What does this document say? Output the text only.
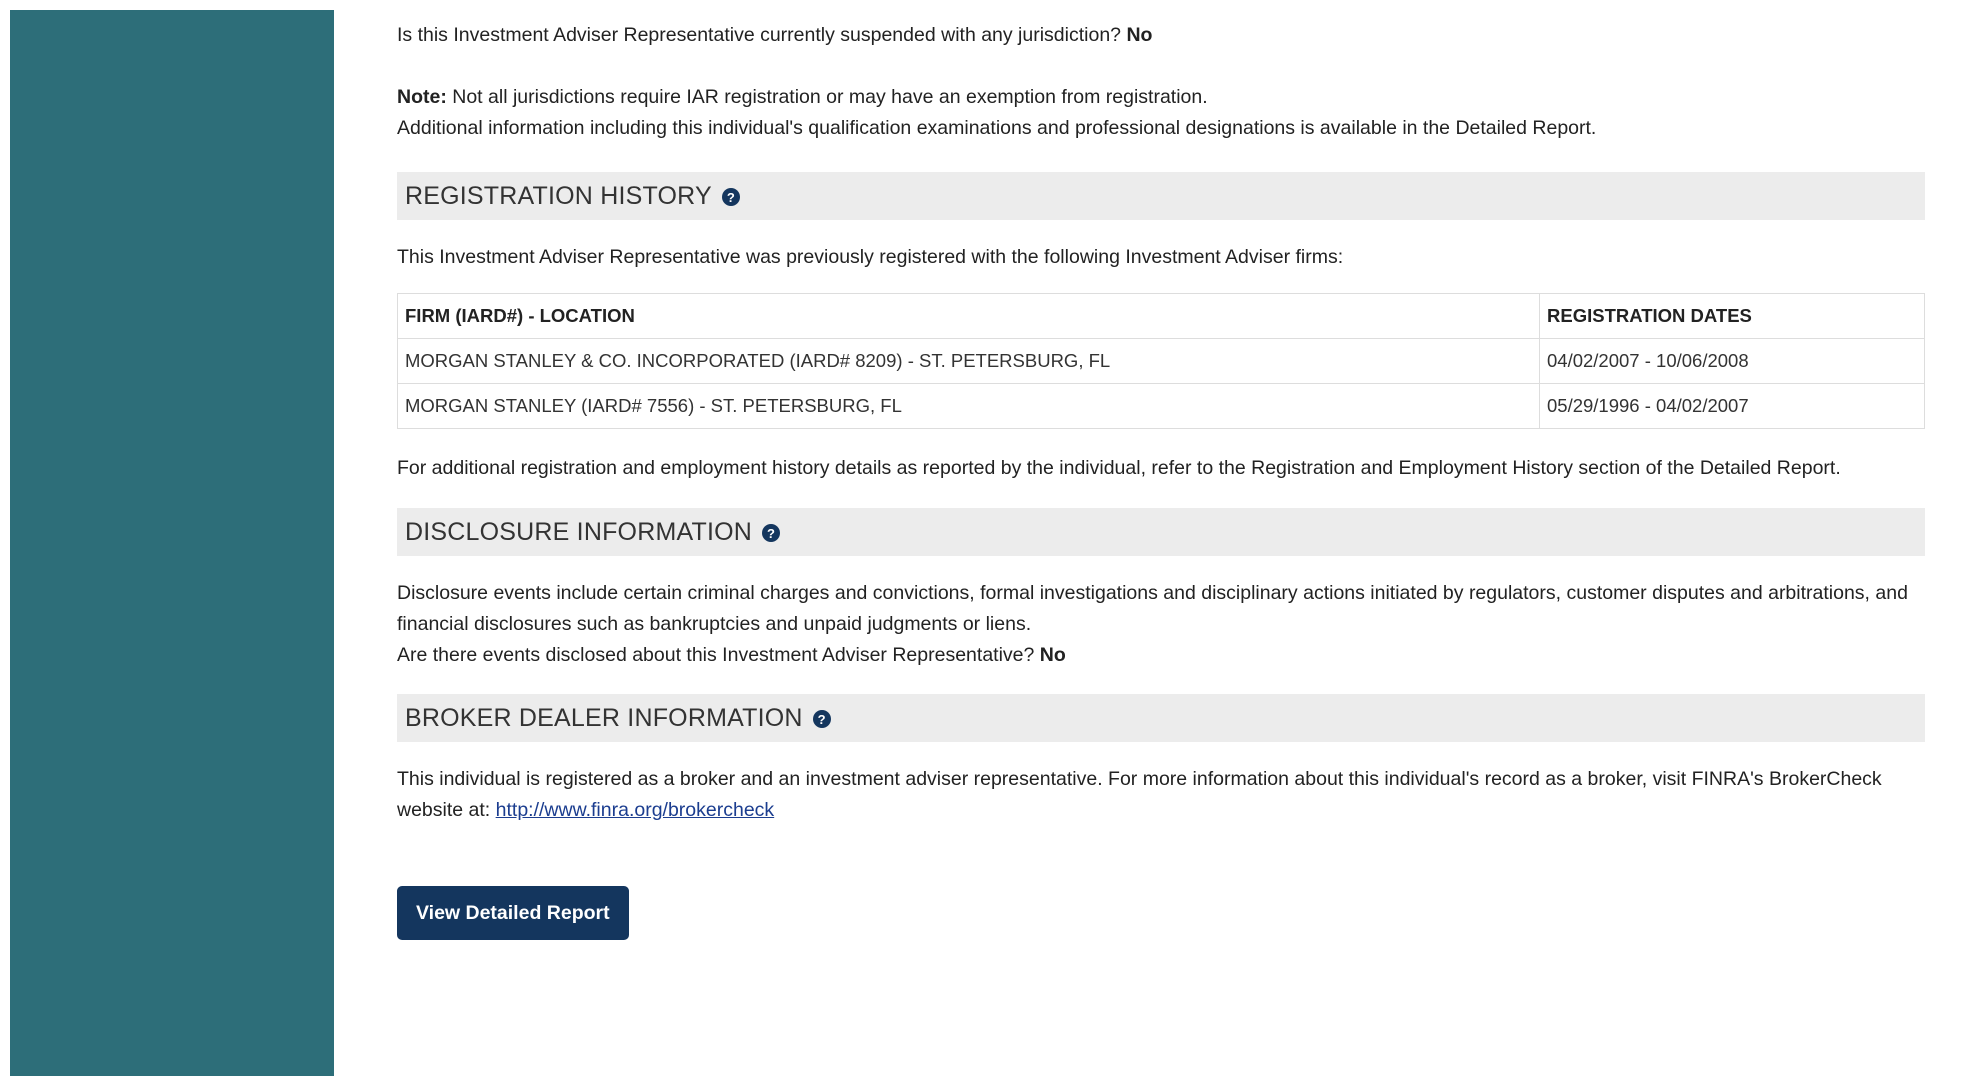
Is this Investment Adviser Representative currently suspended with any jurisdiction? No

Note: Not all jurisdictions require IAR registration or may have an exemption from registration.

Additional information including this individual's qualification examinations and professional designations is available in the Detailed Report.

REGISTRATION HISTORY	?

This Investment Adviser Representative was previously registered with the following Investment Adviser firms:

FIRM (IARD#) - LOCATION	REGISTRATION DATES
MORGAN STANLEY & CO. INCORPORATED (IARD# 8209) - ST. PETERSBURG, FL	04/02/2007 - 10/06/2008
MORGAN STANLEY (IARD# 7556) - ST. PETERSBURG, FL	05/29/1996 - 04/02/2007

For additional registration and employment history details as reported by the individual, refer to the Registration and Employment History section of the Detailed Report.

DISCLOSURE INFORMATION	?

Disclosure events include certain criminal charges and convictions, formal investigations and disciplinary actions initiated by regulators, customer disputes and arbitrations, and financial disclosures such as bankruptcies and unpaid judgments or liens.

Are there events disclosed about this Investment Adviser Representative? No

BROKER DEALER INFORMATION	?

This individual is registered as a broker and an investment adviser representative. For more information about this individual's record as a broker, visit FINRA's BrokerCheck website at: http://www.finra.org/brokercheck

View Detailed Report
